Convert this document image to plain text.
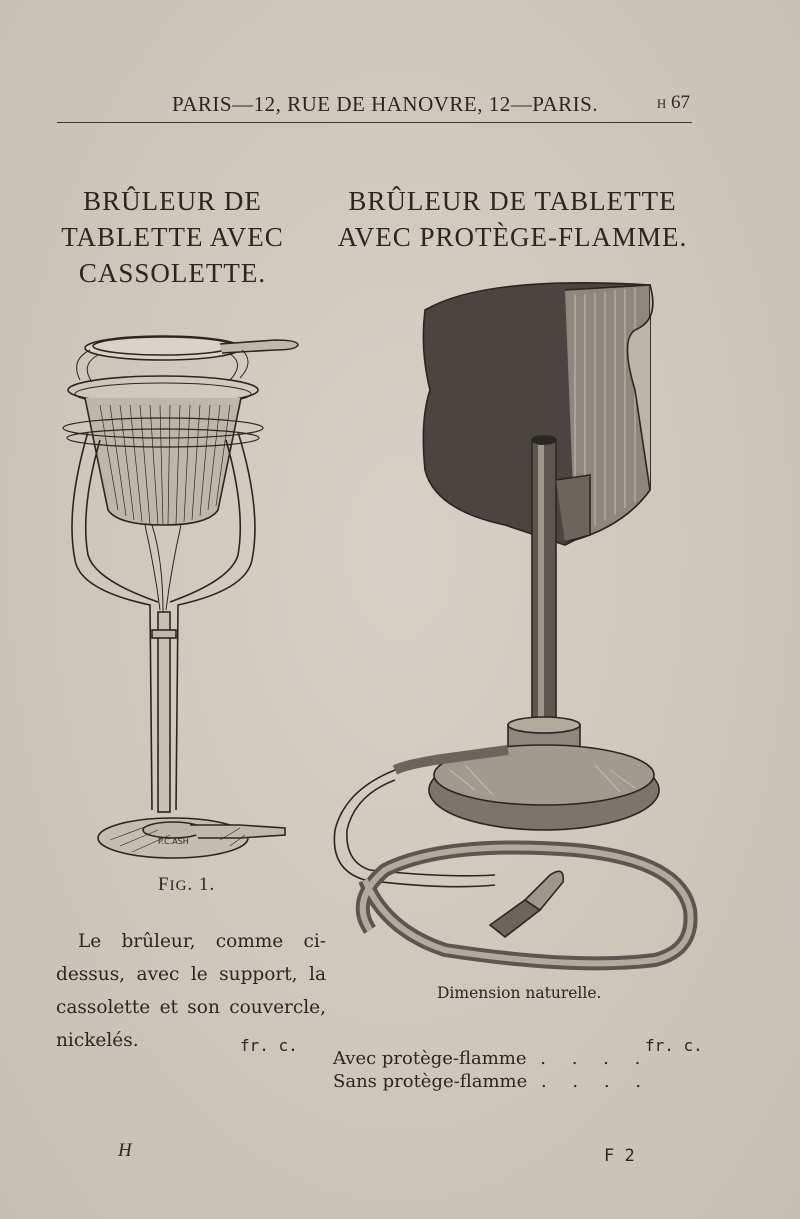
PARIS—12, RUE DE HANOVRE, 12—PARIS.	H 67
BRÛLEUR DE
TABLETTE AVEC
CASSOLETTE.
BRÛLEUR DE TABLETTE
AVEC PROTÈGE-FLAMME.
P.C.ASH
FIG. 1.
Le brûleur, comme ci-dessus, avec le support, la cassolette et son couvercle, nickelés.
Dimension naturelle.
fr. c.	fr. c.
Avec protège-flamme . . . .
Sans protège-flamme . . . .
H	F 2
